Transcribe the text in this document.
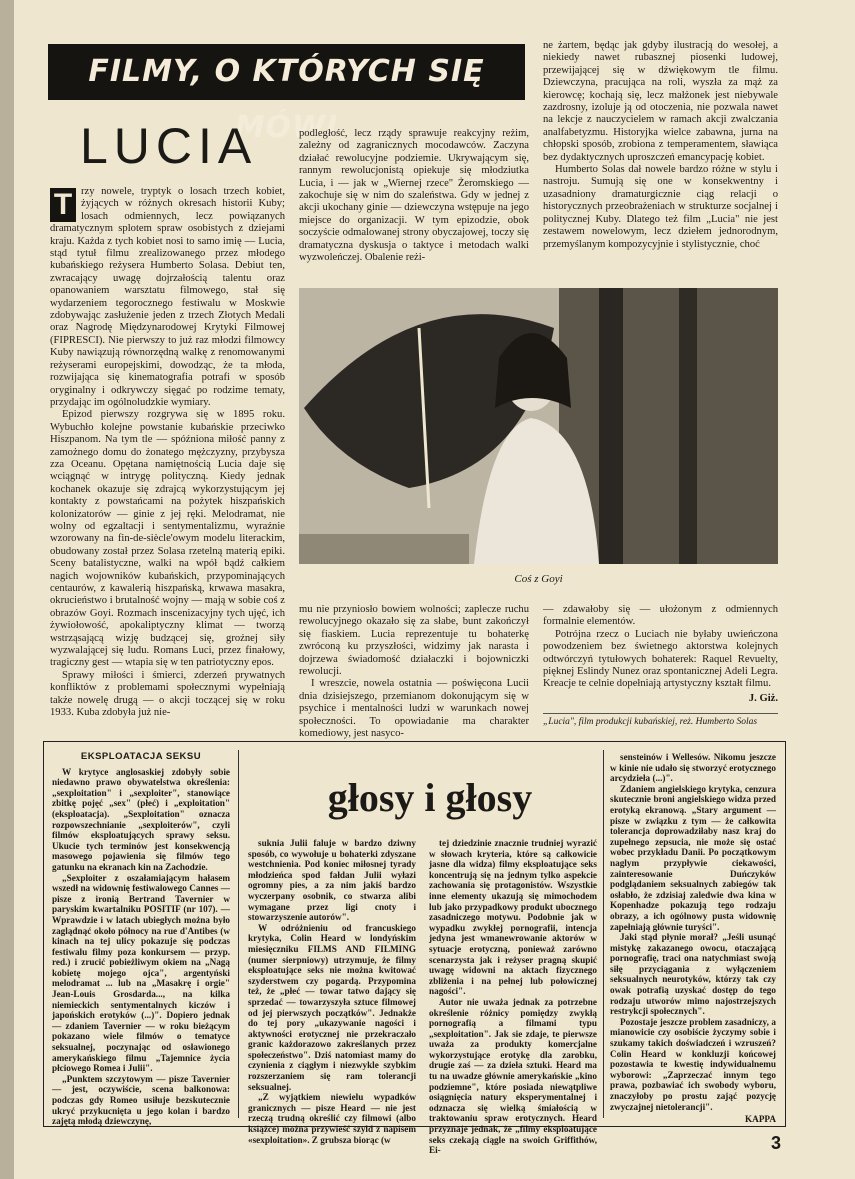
FILMY, O KTÓRYCH SIĘ MÓWI
LUCIA

T rzy nowele, tryptyk o losach trzech kobiet, żyjących w różnych okresach historii Kuby; losach odmiennych, lecz powiązanych dramatycznym splotem spraw osobistych z dziejami kraju. Każda z tych kobiet nosi to samo imię — Lucia, stąd tytuł filmu zrealizowanego przez młodego kubańskiego reżysera Humberto Solasa. Debiut ten, zwracający uwagę dojrzałością talentu oraz opanowaniem warsztatu filmowego, stał się wydarzeniem tegorocznego festiwalu w Moskwie zdobywając zasłużenie jeden z trzech Złotych Medali oraz Nagrodę Międzynarodowej Krytyki Filmowej (FIPRESCI). Nie pierwszy to już raz młodzi filmowcy Kuby nawiązują równorzędną walkę z renomowanymi reżyserami europejskimi, dowodząc, że ta młoda, rozwijająca się kinematografia potrafi w sposób oryginalny i odkrywczy sięgać po rodzime tematy, przydając im ogólnoludzkie wymiary.

Epizod pierwszy rozgrywa się w 1895 roku. Wybuchło kolejne powstanie kubańskie przeciwko Hiszpanom. Na tym tle — spóźniona miłość panny z zamożnego domu do żonatego mężczyzny, przybysza zza Oceanu. Opętana namiętnością Lucia daje się wciągnąć w intrygę polityczną. Kiedy jednak kochanek okazuje się zdrajcą wykorzystującym jej kontakty z powstańcami na pożytek hiszpańskich kolonizatorów — ginie z jej ręki. Melodramat, nie wolny od egzaltacji i sentymentalizmu, wyraźnie wzorowany na fin-de-siècle'owym modelu literackim, obudowany został przez Solasa rzetelną materią epiki. Sceny batalistyczne, walki na wpół bądź całkiem nagich wojowników kubańskich, przypominających centaurów, z kawalerią hiszpańską, krwawa masakra, okrucieństwo i brutalność wojny — mają w sobie coś z obrazów Goyi. Rozmach inscenizacyjny tych ujęć, ich żywiołowość, apokaliptyczny klimat — tworzą wstrząsającą wizję budzącej się, groźnej siły wyzwalającej się ludu. Romans Luci, przez finałowy, tragiczny gest — wtapia się w ten patriotyczny epos.

Sprawy miłości i śmierci, zderzeń prywatnych konfliktów z problemami społecznymi wypełniają także nowelę drugą — o akcji toczącej się w roku 1933. Kuba zdobyła już nie-

podległość, lecz rządy sprawuje reakcyjny reżim, zależny od zagranicznych mocodawców. Zaczyna działać rewolucyjne podziemie. Ukrywającym się, rannym rewolucjonistą opiekuje się młodziutka Lucia, i — jak w „Wiernej rzece" Żeromskiego — zakochuje się w nim do szaleństwa. Gdy w jednej z akcji ukochany ginie — dziewczyna wstępuje na jego miejsce do organizacji. W tym epizodzie, obok soczyście odmalowanej strony obyczajowej, toczy się dramatyczna dyskusja o taktyce i metodach walki wyzwoleńczej. Obalenie reżi-

ne żartem, będąc jak gdyby ilustracją do wesołej, a niekiedy nawet rubasznej piosenki ludowej, przewijającej się w dźwiękowym tle filmu. Dziewczyna, pracująca na roli, wyszła za mąż za kierowcę; kochają się, lecz małżonek jest niebywale zazdrosny, izoluje ją od otoczenia, nie pozwala nawet na lekcje z nauczycielem w ramach akcji zwalczania analfabetyzmu. Historyjka wielce zabawna, jurna na chłopski sposób, zrobiona z temperamentem, sławiąca bez dydaktycznych uproszczeń emancypację kobiet.

Humberto Solas dał nowele bardzo różne w stylu i nastroju. Sumują się one w konsekwentny i uzasadniony dramaturgicznie ciąg relacji o historycznych przeobrażeniach w strukturze socjalnej i politycznej Kuby. Dlatego też film „Lucia" nie jest zestawem nowelowym, lecz dziełem jednorodnym, przemyślanym kompozycyjnie i stylistycznie, choć

Coś z Goyi

mu nie przyniosło bowiem wolności; zaplecze ruchu rewolucyjnego okazało się za słabe, bunt zakończył się fiaskiem. Lucia reprezentuje tu bohaterkę zwróconą ku przyszłości, widzimy jak narasta i dojrzewa świadomość działaczki i bojowniczki rewolucji.

I wreszcie, nowela ostatnia — poświęcona Lucii dnia dzisiejszego, przemianom dokonującym się w psychice i mentalności ludzi w warunkach nowej społeczności. To opowiadanie ma charakter komediowy, jest nasyco-

— zdawałoby się — ułożonym z odmiennych formalnie elementów.

Potrójna rzecz o Luciach nie byłaby uwieńczona powodzeniem bez świetnego aktorstwa kolejnych odtwórczyń tytułowych bohaterek: Raquel Revuelty, pięknej Eslindy Nunez oraz spontanicznej Adeli Legra. Kreacje te celnie dopełniają artystyczny kształt filmu.

J. Giż.
„Lucia", film produkcji kubańskiej, reż. Humberto Solas
głosy i głosy
EKSPLOATACJA SEKSU

W krytyce anglosaskiej zdobyły sobie niedawno prawo obywatelstwa określenia: „sexploitation" i „sexploiter", stanowiące zbitkę pojęć „sex" (płeć) i „exploitation" (eksploatacja). „Sexploitation" oznacza rozpowszechnianie „sexploiterów", czyli filmów eksploatujących sprawy seksu. Ukucie tych terminów jest konsekwencją masowego pojawienia się filmów tego gatunku na ekranach kin na Zachodzie.

„Sexploiter z oszałamiającym hałasem wszedł na widownię festiwalowego Cannes — pisze z ironią Bertrand Tavernier w paryskim kwartalniku POSITIF (nr 107). — Wprawdzie i w latach ubiegłych można było zaglądnąć około północy na rue d'Antibes (w kinach na tej ulicy pokazuje się podczas festiwalu filmy poza konkursem — przyp. red.) i zrucić pobieżliwym okiem na „Nagą kobietę mojego ojca", argentyński melodramat ... lub na „Masakrę i orgie" Jean-Louis Grosdarda..., na kilka niemieckich sentymentalnych kiczów i japońskich erotyków (...)". Dopiero jednak — zdaniem Tavernier — w roku bieżącym pokazano wiele filmów o tematyce seksualnej, poczynając od osławionego amerykańskiego filmu „Tajemnice życia płciowego Romea i Julii".

„Punktem szczytowym — pisze Tavernier — jest, oczywiście, scena balkonowa: podczas gdy Romeo usiłuje bezskutecznie ukryć przykucnięta u jego kolan i bardzo zajętą młodą dziewczynę,

suknia Julii faluje w bardzo dziwny sposób, co wywołuje u bohaterki zdyszane westchnienia. Pod koniec miłosnej tyrady młodzieńca spod fałdan Julii wyłazi ogromny pies, a za nim jakiś bardzo wyczerpany osobnik, co stwarza alibi wymagane przez ligi cnoty i stowarzyszenie autorów".

W odróżnieniu od francuskiego krytyka, Colin Heard w londyńskim miesięczniku FILMS AND FILMING (numer sierpniowy) utrzymuje, że filmy eksploatujące seks nie można kwitować szyderstwem czy pogardą. Przypomina też, że „płeć — towar tatwo dający się sprzedać — towarzyszyła sztuce filmowej od jej pierwszych początków". Jednakże do tej pory „ukazywanie nagości i aktywności erotycznej nie przekraczało granic każdorazowo zakreślanych przez społeczeństwo". Dziś natomiast mamy do czynienia z ciągłym i niezwykle szybkim rozszerzaniem się ram tolerancji seksualnej.

„Z wyjątkiem niewielu wypadków granicznych — pisze Heard — nie jest rzeczą trudną określić czy filmowi (albo książce) można przywieść szyld z napisem «sexploitation». Z grubsza biorąc (w

tej dziedzinie znacznie trudniej wyrazić w słowach kryteria, które są całkowicie jasne dla widza) filmy eksploatujące seks koncentrują się na jednym tylko aspekcie zachowania się protagonistów. Wszystkie inne elementy ukazują się mimochodem lub jako przypadkowy produkt ubocznego zasadniczego motywu. Podobnie jak w wypadku zwykłej pornografii, intencja jedyna jest wmanewrowanie aktorów w sytuacje erotyczną, ponieważ zarówno scenarzysta jak i reżyser pragną skupić uwagę widowni na aktach fizycznego zbliżenia i na pełnej lub połowicznej nagości".

Autor nie uważa jednak za potrzebne określenie różnicy pomiędzy zwykłą pornografią a filmami typu „sexploitation". Jak sie zdaje, te pierwsze uważa za produkty komercjalne wykorzystujące erotykę dla zarobku, drugie zaś — za dzieła sztuki. Heard ma tu na uwadze głównie amerykańskie „kino podziemne", które posiada niewątpliwe osiągnięcia natury eksperymentalnej i odznacza się wielką śmiałością w traktowaniu spraw erotycznych. Heard przyznaje jednak, że „filmy eksploatujące seks czekają ciągle na swoich Griffithów, Ei-

sensteinów i Wellesów. Nikomu jeszcze w kinie nie udało się stworzyć erotycznego arcydzieła (...)".

Zdaniem angielskiego krytyka, cenzura skutecznie broni angielskiego widza przed erotyką ekranową. „Stary argument — pisze w związku z tym — że całkowita tolerancja doprowadziłaby nasz kraj do zupełnego zepsucia, nie może się ostać wobec przykładu Danii. Po początkowym naglym przypływie ciekawości, zainteresowanie Duńczyków podglądaniem seksualnych zabiegów tak osłabło, że zdzisiaj zaledwie dwa kina w Kopenhadze pokazują tego rodzaju obrazy, a ich ogólnowy pusta widownię zapełniają głównie turyści".

Jaki stąd płynie morał? „Jeśli usunąć mistykę zakazanego owocu, otaczającą pornografię, traci ona natychmiast swoją siłę przyciągania z wyłączeniem seksualnych neurotyków, którzy tak czy owak potrafią uzyskać dostęp do tego rodzaju utworów mimo najostrzejszych restrykcji społecznych".

Pozostaje jeszcze problem zasadniczy, a mianowicie czy osobiście życzymy sobie i szukamy takich doświadczeń i wzruszeń? Colin Heard w konkluzji końcowej pozostawia te kwestię indywidualnemu wyborowi: „Zaprzeczać innym tego prawa, pozbawiać ich swobody wyboru, znaczyłoby po prostu zająć pozycję zwyczajnej nietolerancji".

KAPPA
3
